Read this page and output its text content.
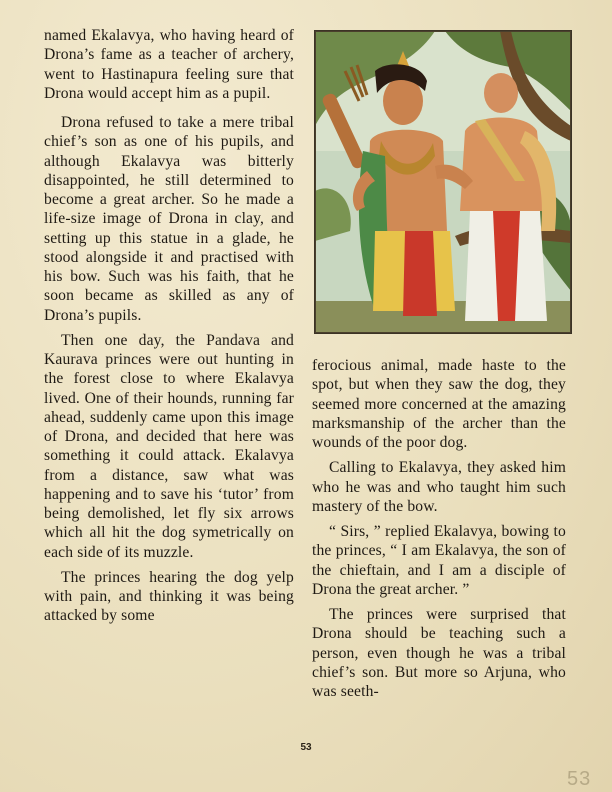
named Ekalavya, who having heard of Drona’s fame as a teacher of archery, went to Hastinapura feeling sure that Drona would accept him as a pupil.

Drona refused to take a mere tribal chief’s son as one of his pupils, and although Ekalavya was bitterly disappointed, he still determined to become a great archer. So he made a life-size image of Drona in clay, and setting up this statue in a glade, he stood alongside it and practised with his bow. Such was his faith, that he soon became as skilled as any of Drona’s pupils.

Then one day, the Pandava and Kaurava princes were out hunting in the forest close to where Ekalavya lived. One of their hounds, running far ahead, suddenly came upon this image of Drona, and decided that here was something it could attack. Ekalavya from a distance, saw what was happening and to save his ‘tutor’ from being demolished, let fly six arrows which all hit the dog symetrically on each side of its muzzle.

The princes hearing the dog yelp with pain, and thinking it was being attacked by some

ferocious animal, made haste to the spot, but when they saw the dog, they seemed more concerned at the amazing marksmanship of the archer than the wounds of the poor dog.

Calling to Ekalavya, they asked him who he was and who taught him such mastery of the bow.

“ Sirs, ” replied Ekalavya, bowing to the princes, “ I am Ekalavya, the son of the chieftain, and I am a disciple of Drona the great archer. ”

The princes were surprised that Drona should be teaching such a person, even though he was a tribal chief’s son. But more so Arjuna, who was seeth-

53
53
